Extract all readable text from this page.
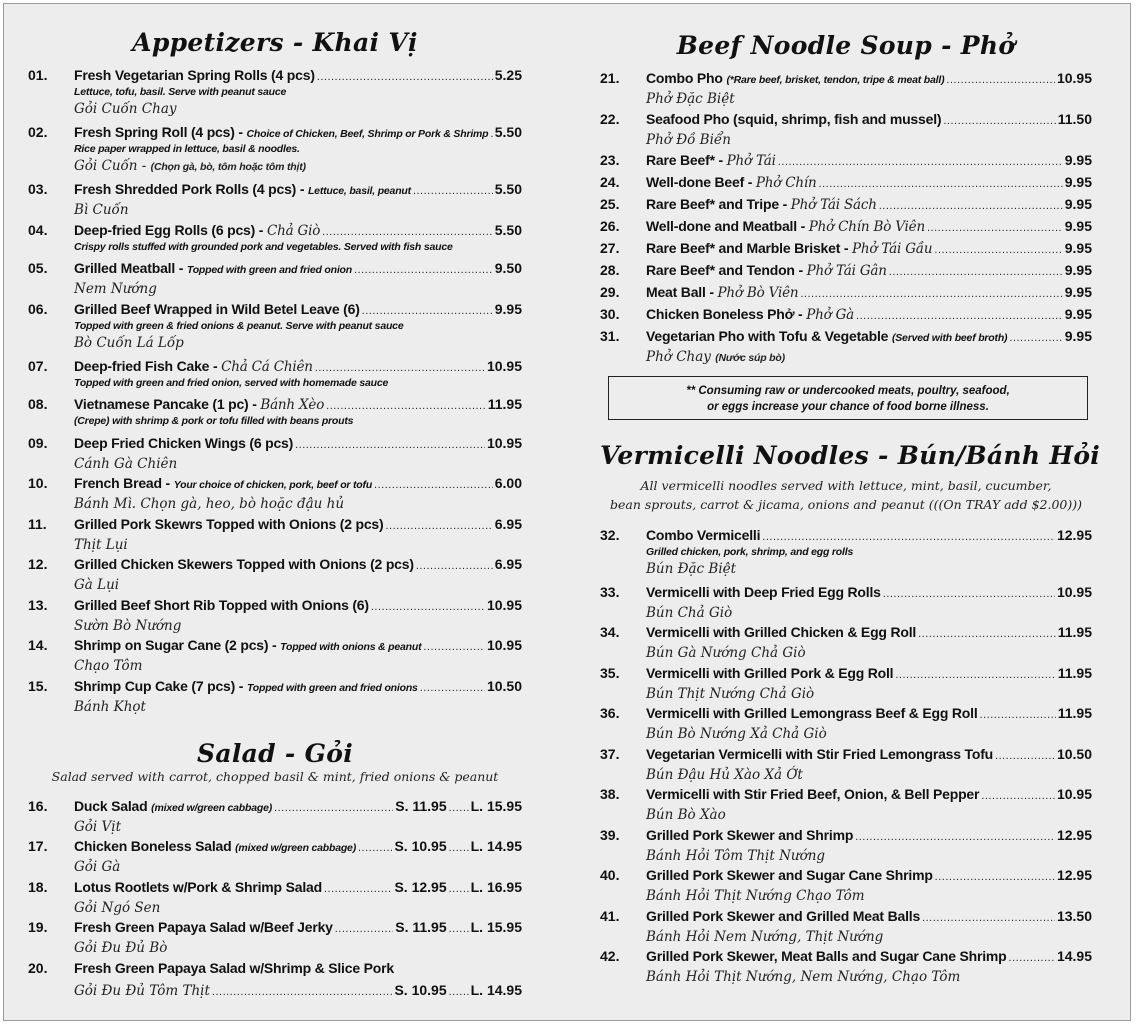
Appetizers - Khai Vị
01. Fresh Vegetarian Spring Rolls (4 pcs) .....	5.25
Lettuce, tofu, basil. Serve with peanut sauce
Gỏi Cuốn Chay
02. Fresh Spring Roll (4 pcs) - Choice of Chicken, Beef, Shrimp or Pork & Shrimp ..... 5.50
Rice paper wrapped in lettuce, basil & noodles.
Gỏi Cuốn - (Chọn gà, bò, tôm hoặc tôm thịt)
03. Fresh Shredded Pork Rolls (4 pcs) - Lettuce, basil, peanut .....	5.50
Bì Cuốn
04. Deep-fried Egg Rolls (6 pcs) - Chả Giò .....	5.50
Crispy rolls stuffed with grounded pork and vegetables. Served with fish sauce
05. Grilled Meatball - Topped with green and fried onion .....	9.50
Nem Nướng
06. Grilled Beef Wrapped in Wild Betel Leave (6) .....	9.95
Topped with green & fried onions & peanut. Serve with peanut sauce
Bò Cuốn Lá Lốp
07. Deep-fried Fish Cake - Chả Cá Chiên .....	10.95
Topped with green and fried onion, served with homemade sauce
08. Vietnamese Pancake (1 pc) - Bánh Xèo .....	11.95
(Crepe) with shrimp & pork or tofu filled with beans prouts
09. Deep Fried Chicken Wings (6 pcs) .....	10.95
Cánh Gà Chiên
10. French Bread - Your choice of chicken, pork, beef or tofu .....	6.00
Bánh Mì. Chọn gà, heo, bò hoặc đậu hủ
11. Grilled Pork Skewrs Topped with Onions (2 pcs) .....	6.95
Thịt Lụi
12. Grilled Chicken Skewers Topped with Onions (2 pcs) .....	6.95
Gà Lụi
13. Grilled Beef Short Rib Topped with Onions (6) .....	10.95
Sườn Bò Nướng
14. Shrimp on Sugar Cane (2 pcs) - Topped with onions & peanut .....	10.95
Chạo Tôm
15. Shrimp Cup Cake (7 pcs) - Topped with green and fried onions .....	10.50
Bánh Khọt
Salad - Gỏi
Salad served with carrot, chopped basil & mint, fried onions & peanut
16. Duck Salad (mixed w/green cabbage) .....	S. 11.95 ..... L. 15.95
Gỏi Vịt
17. Chicken Boneless Salad (mixed w/green cabbage) .....	S. 10.95 ..... L. 14.95
Gỏi Gà
18. Lotus Rootlets w/Pork & Shrimp Salad .....	S. 12.95 ..... L. 16.95
Gỏi Ngó Sen
19. Fresh Green Papaya Salad w/Beef Jerky .....	S. 11.95 ..... L. 15.95
Gỏi Đu Đủ Bò
20. Fresh Green Papaya Salad w/Shrimp & Slice Pork
Gỏi Đu Đủ Tôm Thịt .....	S. 10.95 ..... L. 14.95
Beef Noodle Soup - Phở
21. Combo Pho (*Rare beef, brisket, tendon, tripe & meat ball) .....	10.95
Phở Đặc Biệt
22. Seafood Pho (squid, shrimp, fish and mussel) .....	11.50
Phở Đồ Biển
23. Rare Beef* - Phở Tái .....	9.95
24. Well-done Beef - Phở Chín .....	9.95
25. Rare Beef* and Tripe - Phở Tái Sách .....	9.95
26. Well-done and Meatball - Phở Chín Bò Viên .....	9.95
27. Rare Beef* and Marble Brisket - Phở Tái Gầu .....	9.95
28. Rare Beef* and Tendon - Phở Tái Gân .....	9.95
29. Meat Ball - Phở Bò Viên .....	9.95
30. Chicken Boneless Phở - Phở Gà .....	9.95
31. Vegetarian Pho with Tofu & Vegetable (Served with beef broth) .....	9.95
Phở Chay (Nước súp bò)
Vermicelli Noodles - Bún/Bánh Hỏi
All vermicelli noodles served with lettuce, mint, basil, cucumber,
bean sprouts, carrot & jicama, onions and peanut (((On TRAY add $2.00)))
32. Combo Vermicelli .....	12.95
Grilled chicken, pork, shrimp, and egg rolls
Bún Đặc Biệt
33. Vermicelli with Deep Fried Egg Rolls .....	10.95
Bún Chả Giò
34. Vermicelli with Grilled Chicken & Egg Roll .....	11.95
Bún Gà Nướng Chả Giò
35. Vermicelli with Grilled Pork & Egg Roll .....	11.95
Bún Thịt Nướng Chả Giò
36. Vermicelli with Grilled Lemongrass Beef & Egg Roll .....	11.95
Bún Bò Nướng Xả Chả Giò
37. Vegetarian Vermicelli with Stir Fried Lemongrass Tofu .....	10.50
Bún Đậu Hủ Xào Xả Ớt
38. Vermicelli with Stir Fried Beef, Onion, & Bell Pepper .....	10.95
Bún Bò Xào
39. Grilled Pork Skewer and Shrimp .....	12.95
Bánh Hỏi Tôm Thịt Nướng
40. Grilled Pork Skewer and Sugar Cane Shrimp .....	12.95
Bánh Hỏi Thịt Nướng Chạo Tôm
41. Grilled Pork Skewer and Grilled Meat Balls .....	13.50
Bánh Hỏi Nem Nướng, Thịt Nướng
42. Grilled Pork Skewer, Meat Balls and Sugar Cane Shrimp .....	14.95
Bánh Hỏi Thịt Nướng, Nem Nướng, Chạo Tôm
** Consuming raw or undercooked meats, poultry, seafood,
or eggs increase your chance of food borne illness.
